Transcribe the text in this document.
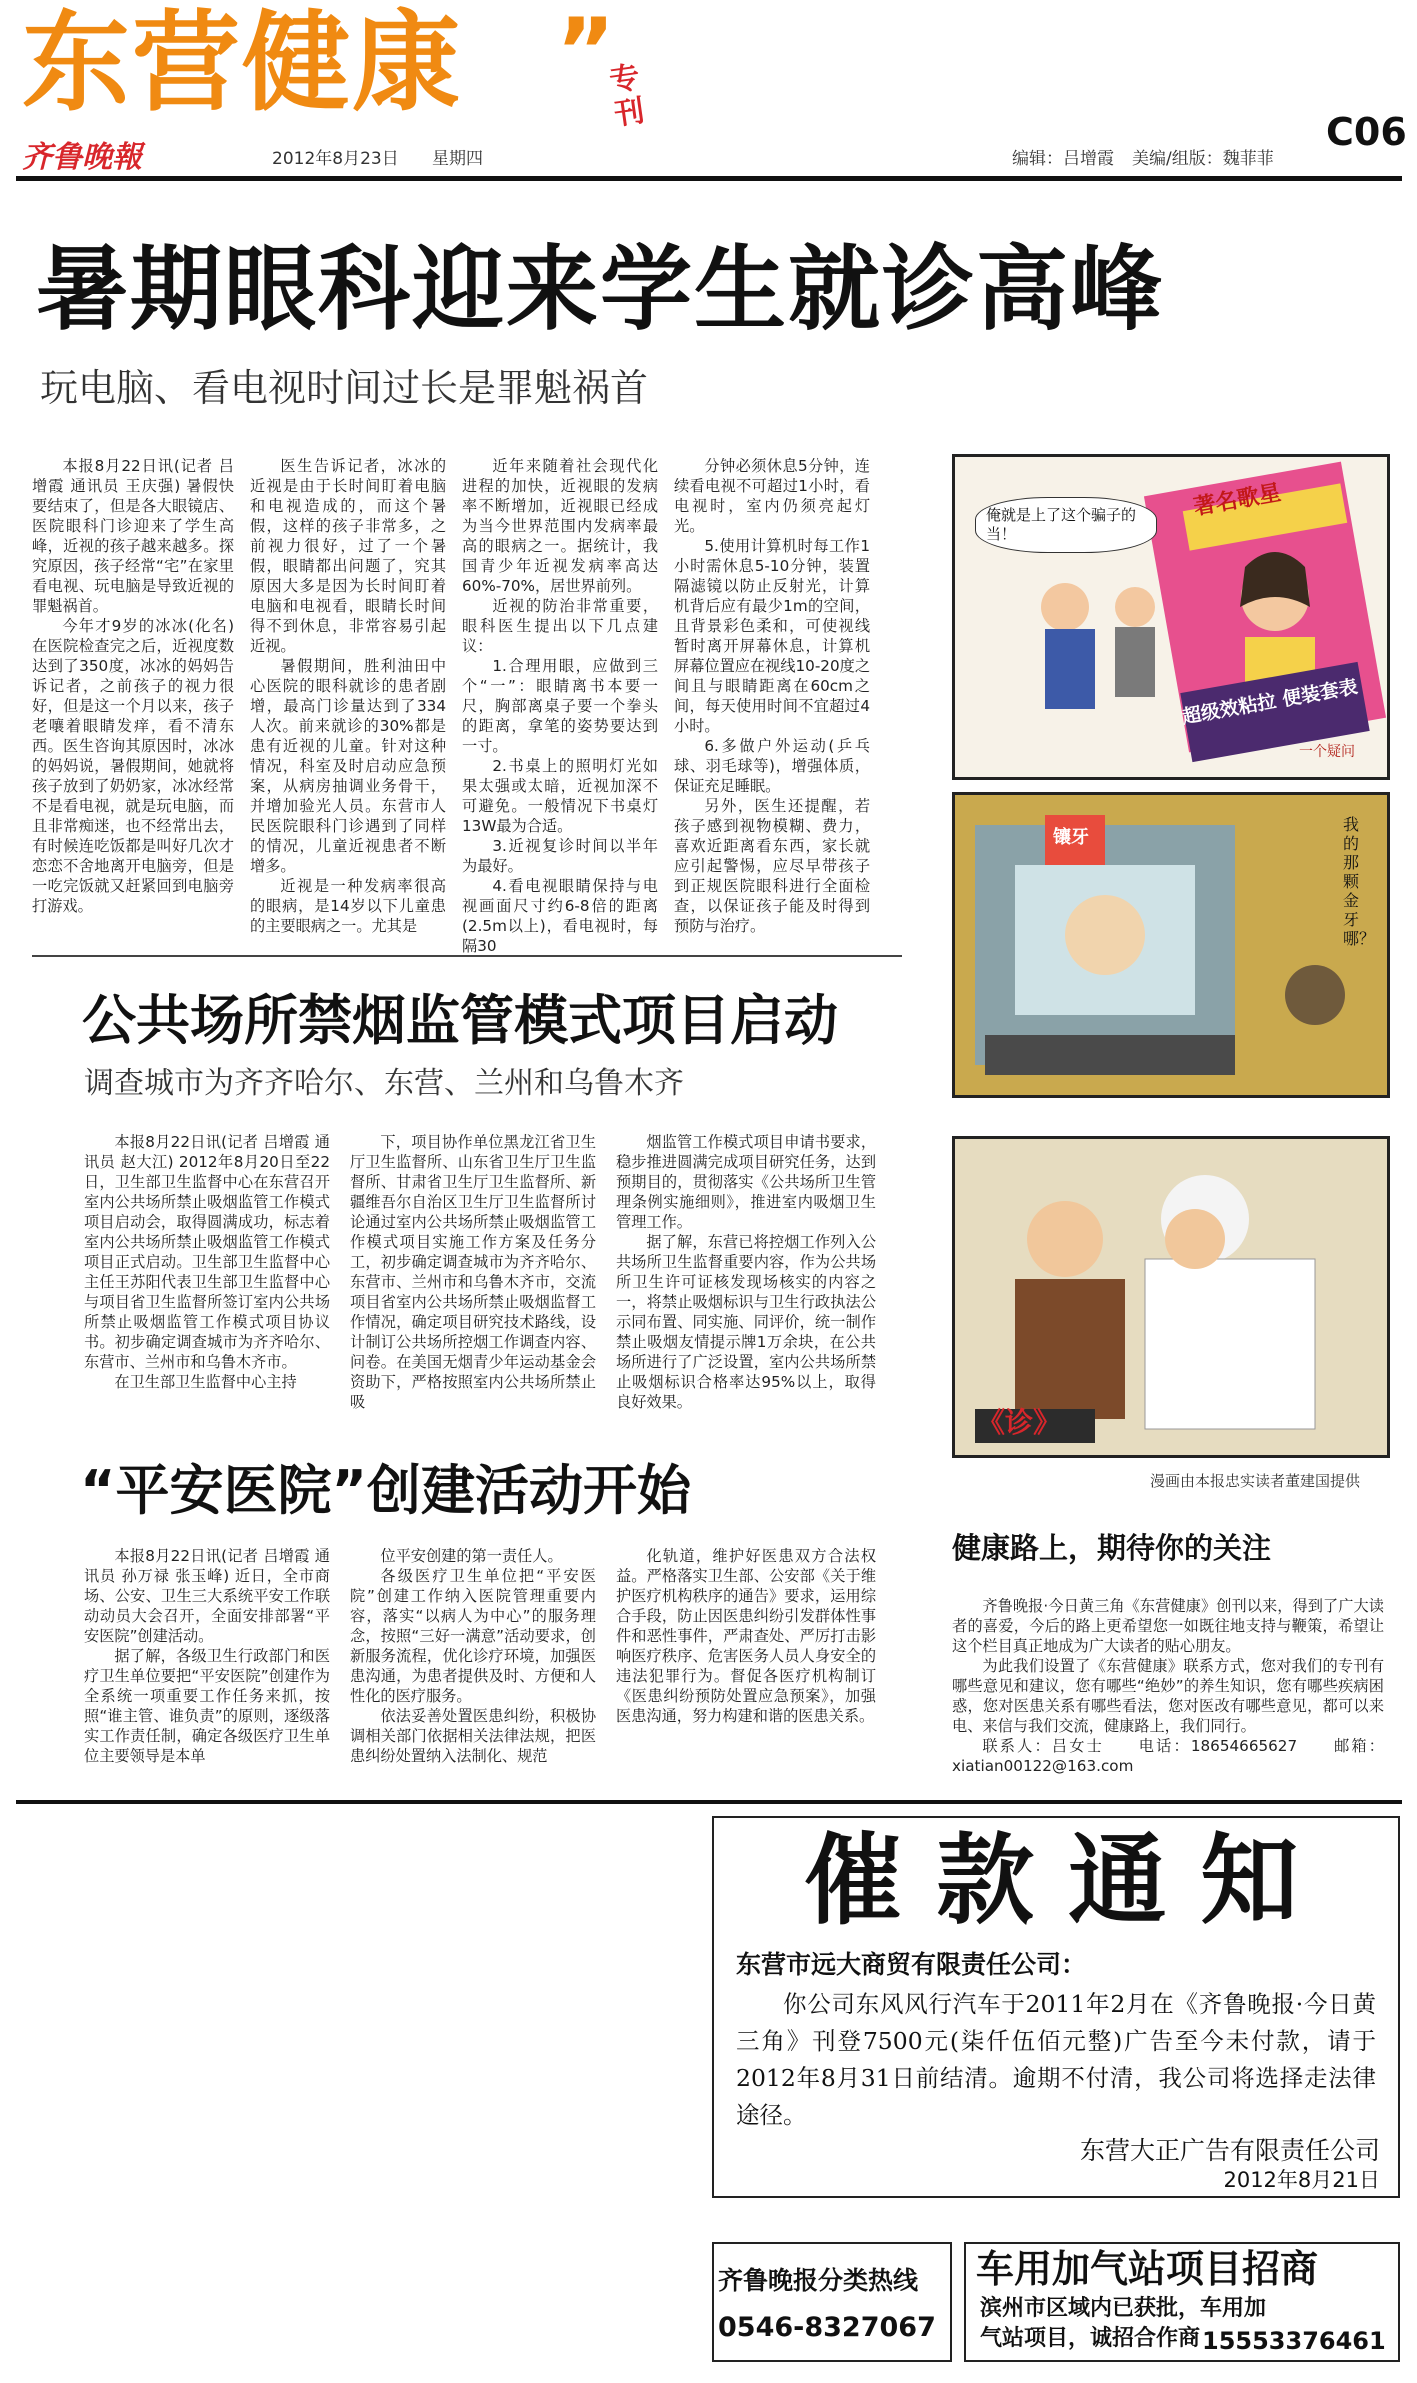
东营健康 ”
专刊
齐鲁晚報	2012年8月23日 星期四	编辑：吕增霞 美编/组版：魏菲菲
C06
暑期眼科迎来学生就诊高峰
玩电脑、看电视时间过长是罪魁祸首

本报8月22日讯(记者 吕增霞 通讯员 王庆强) 暑假快要结束了，但是各大眼镜店、医院眼科门诊迎来了学生高峰，近视的孩子越来越多。探究原因，孩子经常“宅”在家里看电视、玩电脑是导致近视的罪魁祸首。

今年才9岁的冰冰(化名)在医院检查完之后，近视度数达到了350度，冰冰的妈妈告诉记者，之前孩子的视力很好，但是这一个月以来，孩子老嚷着眼睛发痒，看不清东西。医生咨询其原因时，冰冰的妈妈说，暑假期间，她就将孩子放到了奶奶家，冰冰经常不是看电视，就是玩电脑，而且非常痴迷，也不经常出去，有时候连吃饭都是叫好几次才恋恋不舍地离开电脑旁，但是一吃完饭就又赶紧回到电脑旁打游戏。

医生告诉记者，冰冰的近视是由于长时间盯着电脑和电视造成的，而这个暑假，这样的孩子非常多，之前视力很好，过了一个暑假，眼睛都出问题了，究其原因大多是因为长时间盯着电脑和电视看，眼睛长时间得不到休息，非常容易引起近视。

暑假期间，胜利油田中心医院的眼科就诊的患者剧增，最高门诊量达到了334人次。前来就诊的30%都是患有近视的儿童。针对这种情况，科室及时启动应急预案，从病房抽调业务骨干，并增加验光人员。东营市人民医院眼科门诊遇到了同样的情况，儿童近视患者不断增多。

近视是一种发病率很高的眼病，是14岁以下儿童患的主要眼病之一。尤其是

近年来随着社会现代化进程的加快，近视眼的发病率不断增加，近视眼已经成为当今世界范围内发病率最高的眼病之一。据统计，我国青少年近视发病率高达60%-70%，居世界前列。

近视的防治非常重要，眼科医生提出以下几点建议：

1.合理用眼，应做到三个“一”：眼睛离书本要一尺，胸部离桌子要一个拳头的距离，拿笔的姿势要达到一寸。

2.书桌上的照明灯光如果太强或太暗，近视加深不可避免。一般情况下书桌灯13W最为合适。

3.近视复诊时间以半年为最好。

4.看电视眼睛保持与电视画面尺寸约6-8倍的距离(2.5m以上)，看电视时，每隔30

分钟必须休息5分钟，连续看电视不可超过1小时，看电视时，室内仍须亮起灯光。

5.使用计算机时每工作1小时需休息5-10分钟，装置隔滤镜以防止反射光，计算机背后应有最少1m的空间，且背景彩色柔和，可使视线暂时离开屏幕休息，计算机屏幕位置应在视线10-20度之间且与眼睛距离在60cm之间，每天使用时间不宜超过4小时。

6.多做户外运动(乒乓球、羽毛球等)，增强体质，保证充足睡眠。

另外，医生还提醒，若孩子感到视物模糊、费力，喜欢近距离看东西，家长就应引起警惕，应尽早带孩子到正规医院眼科进行全面检查，以保证孩子能及时得到预防与治疗。

著名歌星
超级效粘拉 便装套表
俺就是上了这个骗子的当！
一个疑问
镶牙
我的那颗金牙哪？
《诊》
漫画由本报忠实读者董建国提供
公共场所禁烟监管模式项目启动
调查城市为齐齐哈尔、东营、兰州和乌鲁木齐

本报8月22日讯(记者 吕增霞 通讯员 赵大江) 2012年8月20日至22日，卫生部卫生监督中心在东营召开室内公共场所禁止吸烟监管工作模式项目启动会，取得圆满成功，标志着室内公共场所禁止吸烟监管工作模式项目正式启动。卫生部卫生监督中心主任王苏阳代表卫生部卫生监督中心与项目省卫生监督所签订室内公共场所禁止吸烟监管工作模式项目协议书。初步确定调查城市为齐齐哈尔、东营市、兰州市和乌鲁木齐市。

在卫生部卫生监督中心主持

下，项目协作单位黑龙江省卫生厅卫生监督所、山东省卫生厅卫生监督所、甘肃省卫生厅卫生监督所、新疆维吾尔自治区卫生厅卫生监督所讨论通过室内公共场所禁止吸烟监管工作模式项目实施工作方案及任务分工，初步确定调查城市为齐齐哈尔、东营市、兰州市和乌鲁木齐市，交流项目省室内公共场所禁止吸烟监督工作情况，确定项目研究技术路线，设计制订公共场所控烟工作调查内容、问卷。在美国无烟青少年运动基金会资助下，严格按照室内公共场所禁止吸

烟监管工作模式项目申请书要求，稳步推进圆满完成项目研究任务，达到预期目的，贯彻落实《公共场所卫生管理条例实施细则》，推进室内吸烟卫生管理工作。

据了解，东营已将控烟工作列入公共场所卫生监督重要内容，作为公共场所卫生许可证核发现场核实的内容之一，将禁止吸烟标识与卫生行政执法公示同布置、同实施、同评价，统一制作禁止吸烟友情提示牌1万余块，在公共场所进行了广泛设置，室内公共场所禁止吸烟标识合格率达95%以上，取得良好效果。

“平安医院”创建活动开始

本报8月22日讯(记者 吕增霞 通讯员 孙万禄 张玉峰) 近日，全市商场、公安、卫生三大系统平安工作联动动员大会召开，全面安排部署“平安医院”创建活动。

据了解，各级卫生行政部门和医疗卫生单位要把“平安医院”创建作为全系统一项重要工作任务来抓，按照“谁主管、谁负责”的原则，逐级落实工作责任制，确定各级医疗卫生单位主要领导是本单

位平安创建的第一责任人。

各级医疗卫生单位把“平安医院”创建工作纳入医院管理重要内容，落实“以病人为中心”的服务理念，按照“三好一满意”活动要求，创新服务流程，优化诊疗环境，加强医患沟通，为患者提供及时、方便和人性化的医疗服务。

依法妥善处置医患纠纷，积极协调相关部门依据相关法律法规，把医患纠纷处置纳入法制化、规范

化轨道，维护好医患双方合法权益。严格落实卫生部、公安部《关于维护医疗机构秩序的通告》要求，运用综合手段，防止因医患纠纷引发群体性事件和恶性事件，严肃查处、严厉打击影响医疗秩序、危害医务人员人身安全的违法犯罪行为。督促各医疗机构制订《医患纠纷预防处置应急预案》，加强医患沟通，努力构建和谐的医患关系。

健康路上，期待你的关注

齐鲁晚报·今日黄三角《东营健康》创刊以来，得到了广大读者的喜爱，今后的路上更希望您一如既往地支持与鞭策，希望让这个栏目真正地成为广大读者的贴心朋友。

为此我们设置了《东营健康》联系方式，您对我们的专刊有哪些意见和建议，您有哪些“绝妙”的养生知识，您有哪些疾病困惑，您对医患关系有哪些看法，您对医改有哪些意见，都可以来电、来信与我们交流，健康路上，我们同行。

联系人：吕女士　　电话：18654665627　　邮箱：xiatian00122@163.com

催 款 通 知
东营市远大商贸有限责任公司：
你公司东风风行汽车于2011年2月在《齐鲁晚报·今日黄三角》刊登7500元(柒仟伍佰元整)广告至今未付款，请于2012年8月31日前结清。逾期不付清，我公司将选择走法律途径。
东营大正广告有限责任公司
2012年8月21日
齐鲁晚报分类热线
0546-8327067
车用加气站项目招商
滨州市区域内已获批，车用加气站项目，诚招合作商 15553376461
